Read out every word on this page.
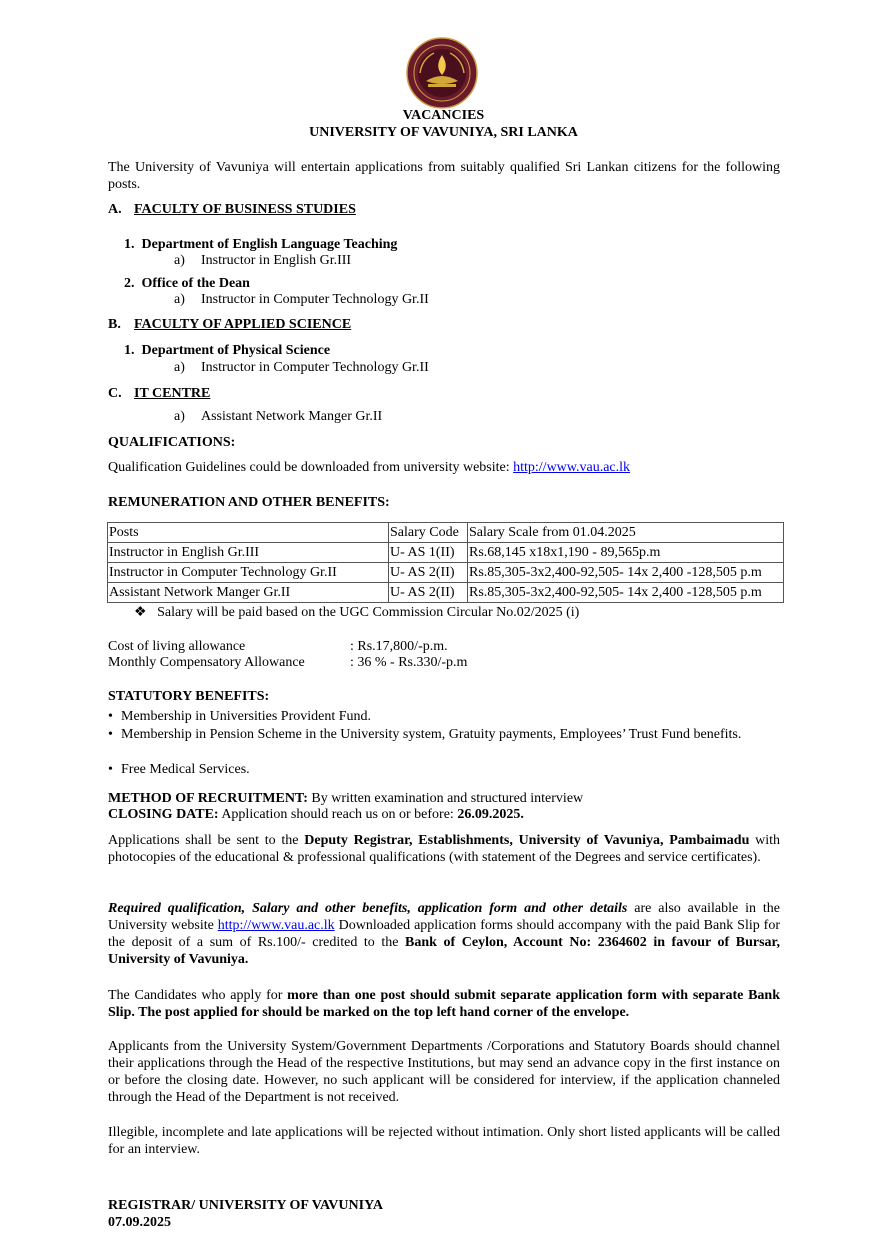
VACANCIES
UNIVERSITY OF VAVUNIYA, SRI LANKA

The University of Vavuniya will entertain applications from suitably qualified Sri Lankan citizens for the following posts.

A. FACULTY OF BUSINESS STUDIES
1. Department of English Language Teaching
a) Instructor in English Gr.III
2. Office of the Dean
a) Instructor in Computer Technology Gr.II
B. FACULTY OF APPLIED SCIENCE
1. Department of Physical Science
a) Instructor in Computer Technology Gr.II
C. IT CENTRE
a) Assistant Network Manger Gr.II
QUALIFICATIONS:
Qualification Guidelines could be downloaded from university website: http://www.vau.ac.lk
REMUNERATION AND OTHER BENEFITS:
Posts	Salary Code	Salary Scale from 01.04.2025
Instructor in English Gr.III	U- AS 1(II)	Rs.68,145 x18x1,190 - 89,565p.m
Instructor in Computer Technology Gr.II	U- AS 2(II)	Rs.85,305-3x2,400-92,505- 14x 2,400 -128,505 p.m
Assistant Network Manger Gr.II	U- AS 2(II)	Rs.85,305-3x2,400-92,505- 14x 2,400 -128,505 p.m
❖ Salary will be paid based on the UGC Commission Circular No.02/2025 (i)
Cost of living allowance	: Rs.17,800/-p.m.
Monthly Compensatory Allowance	: 36 % - Rs.330/-p.m
STATUTORY BENEFITS:
• Membership in Universities Provident Fund.
• Membership in Pension Scheme in the University system, Gratuity payments, Employees’ Trust Fund benefits.
• Free Medical Services.
METHOD OF RECRUITMENT: By written examination and structured interview
CLOSING DATE: Application should reach us on or before: 26.09.2025.

Applications shall be sent to the Deputy Registrar, Establishments, University of Vavuniya, Pambaimadu with photocopies of the educational & professional qualifications (with statement of the Degrees and service certificates).

Required qualification, Salary and other benefits, application form and other details are also available in the University website http://www.vau.ac.lk Downloaded application forms should accompany with the paid Bank Slip for the deposit of a sum of Rs.100/- credited to the Bank of Ceylon, Account No: 2364602 in favour of Bursar, University of Vavuniya.

The Candidates who apply for more than one post should submit separate application form with separate Bank Slip. The post applied for should be marked on the top left hand corner of the envelope.

Applicants from the University System/Government Departments /Corporations and Statutory Boards should channel their applications through the Head of the respective Institutions, but may send an advance copy in the first instance on or before the closing date. However, no such applicant will be considered for interview, if the application channeled through the Head of the Department is not received.

Illegible, incomplete and late applications will be rejected without intimation. Only short listed applicants will be called for an interview.

REGISTRAR/ UNIVERSITY OF VAVUNIYA
07.09.2025
